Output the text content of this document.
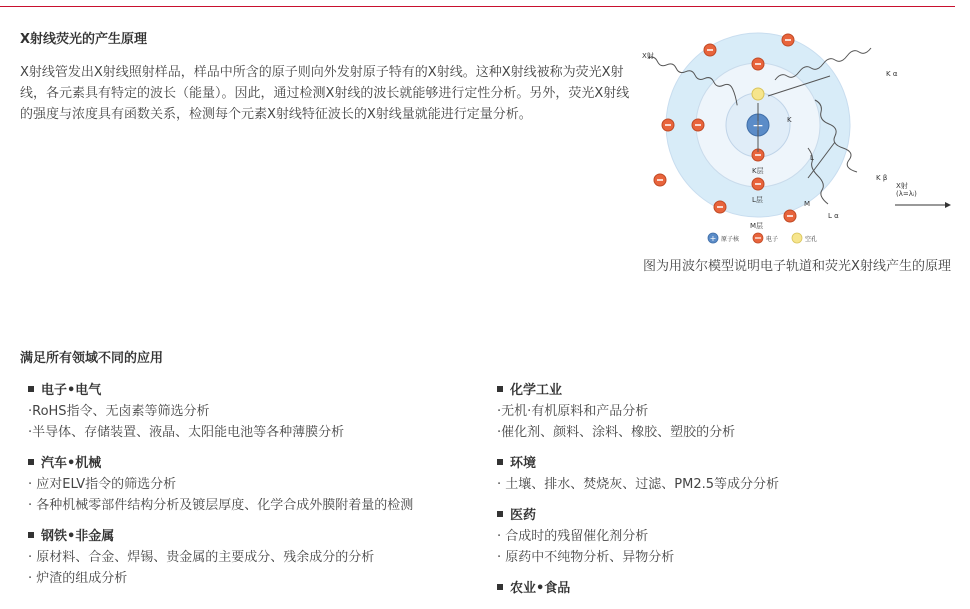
X射线荧光的产生原理
X射线管发出X射线照射样品，样品中所含的原子则向外发射原子特有的X射线。这种X射线被称为荧光X射线，各元素具有特定的波长（能量）。因此，通过检测X射线的波长就能够进行定性分析。另外，荧光X射线的强度与浓度具有函数关系，检测每个元素X射线特征波长的X射线量就能进行定量分析。
+
X射
K α
K β
L α
X射
(λ=λᵢ)
K
L
M
K层
L层
M层
+ 原子核	电子	空孔
图为用波尔模型说明电子轨道和荧光X射线产生的原理
满足所有领域不同的应用
电子•电气
·RoHS指令、无卤素等筛选分析
·半导体、存储装置、液晶、太阳能电池等各种薄膜分析
汽车•机械
· 应对ELV指令的筛选分析
· 各种机械零部件结构分析及镀层厚度、化学合成外膜附着量的检测
钢铁•非金属
· 原材料、合金、焊锡、贵金属的主要成分、残余成分的分析
· 炉渣的组成分析
化学工业
·无机·有机原料和产品分析
·催化剂、颜料、涂料、橡胶、塑胶的分析
环境
· 土壤、排水、焚烧灰、过滤、PM2.5等成分分析
医药
· 合成时的残留催化剂分析
· 原药中不纯物分析、异物分析
农业•食品
